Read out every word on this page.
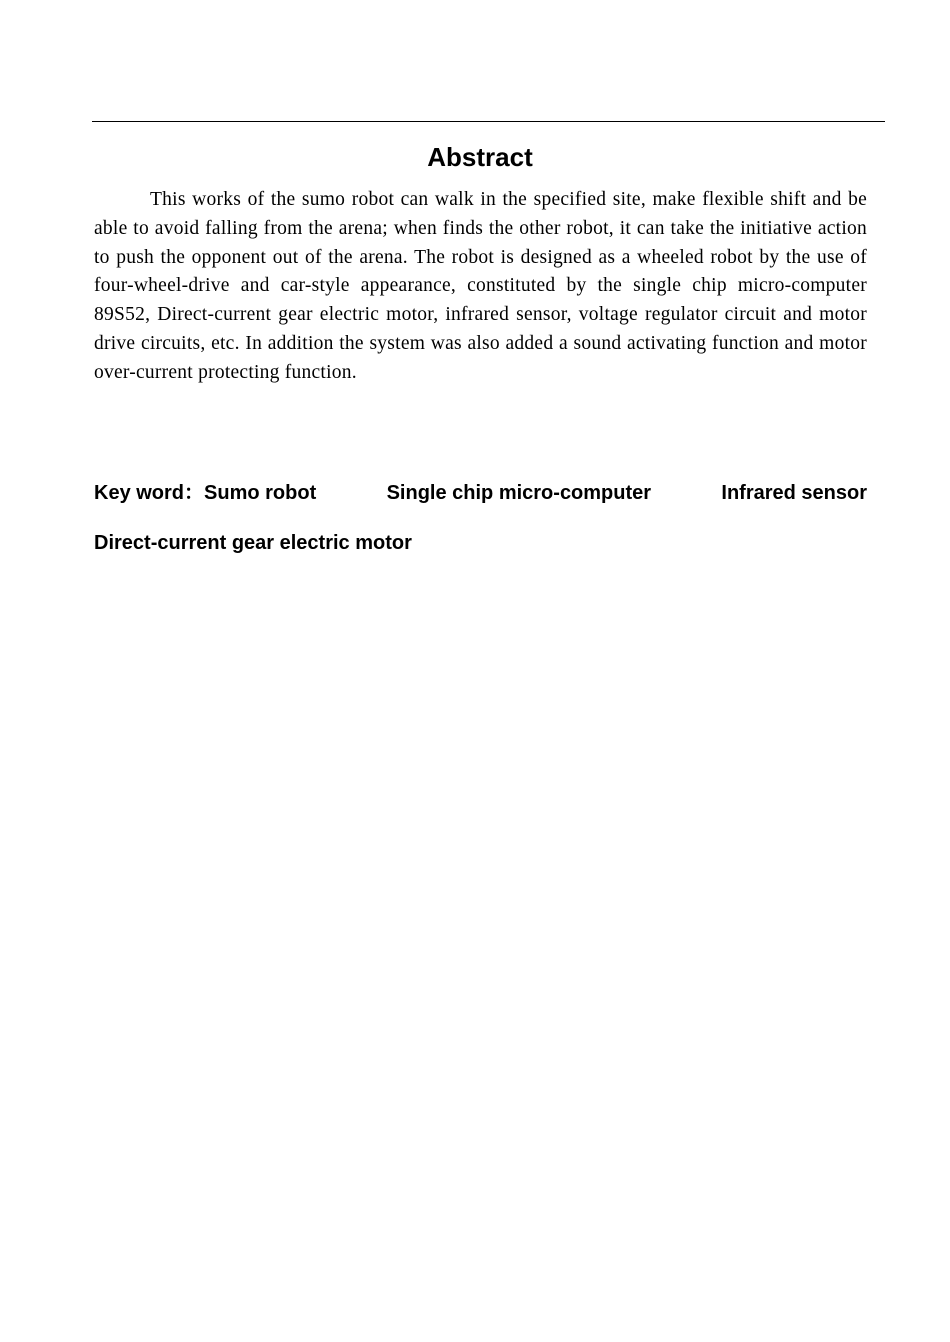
Abstract

This works of the sumo robot can walk in the specified site, make flexible shift and be able to avoid falling from the arena; when finds the other robot, it can take the initiative action to push the opponent out of the arena. The robot is designed as a wheeled robot by the use of four-wheel-drive and car-style appearance, constituted by the single chip micro-computer 89S52, Direct-current gear electric motor, infrared sensor, voltage regulator circuit and motor drive circuits, etc. In addition the system was also added a sound activating function and motor over-current protecting function.

Key word：Sumo robot	Single chip micro-computer	Infrared sensor
Direct-current gear electric motor
